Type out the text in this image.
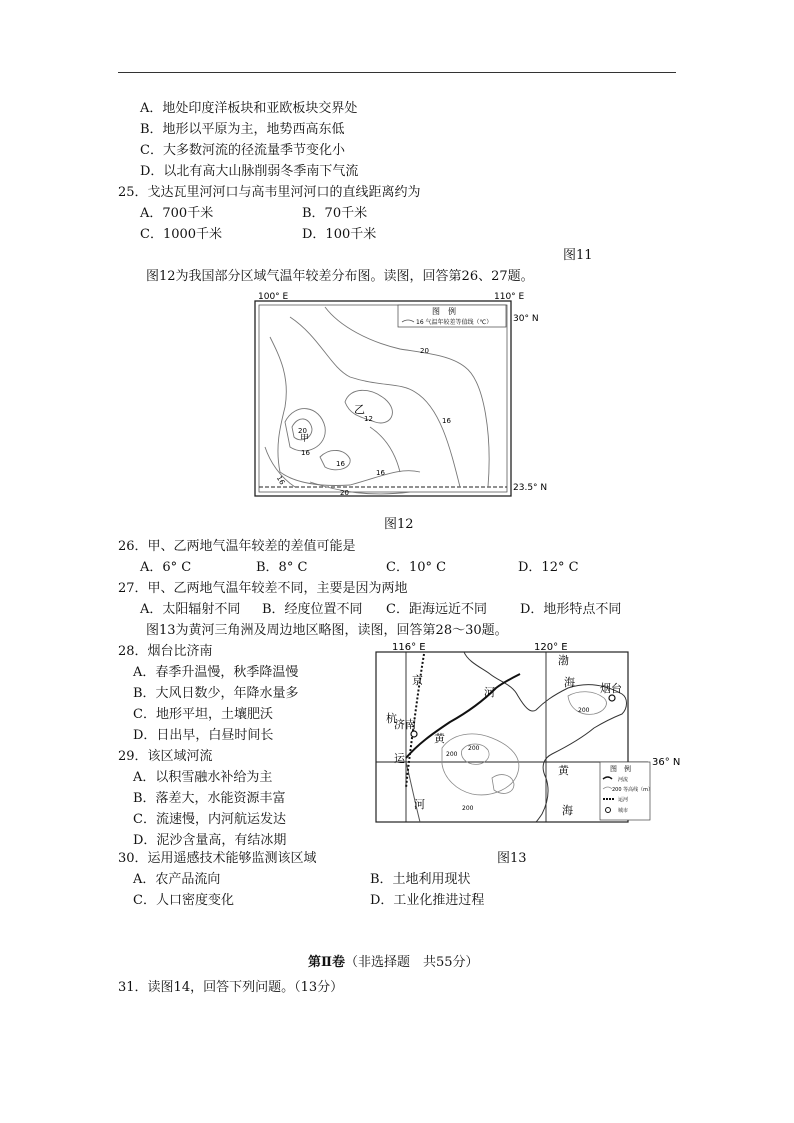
A．地处印度洋板块和亚欧板块交界处
B．地形以平原为主，地势西高东低
C．大多数河流的径流量季节变化小
D．以北有高大山脉削弱冬季南下气流
25．戈达瓦里河河口与高韦里河河口的直线距离约为
A．700千米	B．70千米
C．1000千米	D．100千米
图11
图12为我国部分区域气温年较差分布图。读图，回答第26、27题。
100° E	110° E
30° N
23.5° N
图　例
16 气温年较差等值线（℃）
20
16
12
20
16
16
16
16
20
乙
甲
图12
26．甲、乙两地气温年较差的差值可能是
A．6° C	B．8° C	C．10° C	D．12° C
27．甲、乙两地气温年较差不同，主要是因为两地
A．太阳辐射不同 B．经度位置不同 C．距海远近不同	D．地形特点不同
图13为黄河三角洲及周边地区略图，读图，回答第28～30题。
28．烟台比济南
A．春季升温慢，秋季降温慢
B．大风日数少，年降水量多
C．地形平坦，土壤肥沃
D．日出早，白昼时间长
29．该区域河流
A．以积雪融水补给为主
B．落差大，水能资源丰富
C．流速慢，内河航运发达
D．泥沙含量高，有结冰期
116° E	120° E
36° N
200
200
200
200
济南
烟台
渤
海
河
黄
河
黄
海
京
杭
运
图　例
河流
200 等高线（m）
运河
城市
图13
30．运用遥感技术能够监测该区域
A．农产品流向	B．土地利用现状
C．人口密度变化	D．工业化推进过程
第Ⅱ卷（非选择题　共55分）
31．读图14，回答下列问题。（13分）
